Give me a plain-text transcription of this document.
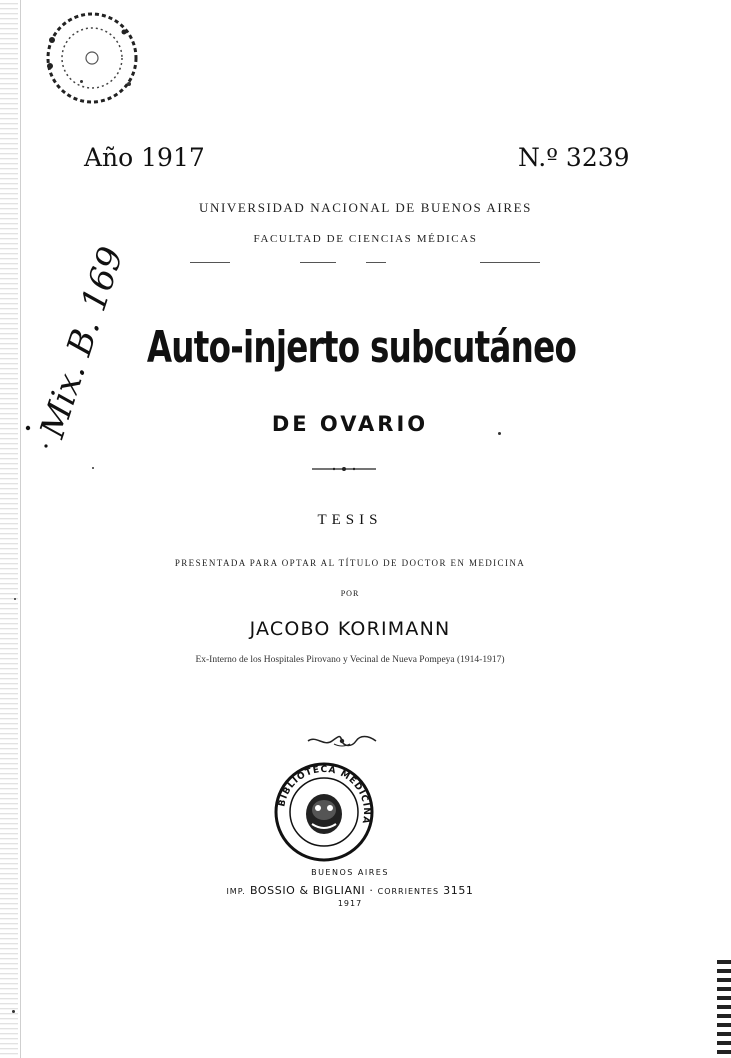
Año 1917	N.º 3239
UNIVERSIDAD NACIONAL DE BUENOS AIRES
FACULTAD DE CIENCIAS MÉDICAS
Mix. B. 169 Auto-injerto subcutáneo
DE OVARIO
TESIS
PRESENTADA PARA OPTAR AL TÍTULO DE DOCTOR EN MEDICINA
POR
JACOBO KORIMANN
Ex-Interno de los Hospitales Pirovano y Vecinal de Nueva Pompeya (1914-1917)
BIBLIOTECA MEDICINA
BUENOS AIRES
IMP. BOSSIO & BIGLIANI · CORRIENTES 3151
1917
